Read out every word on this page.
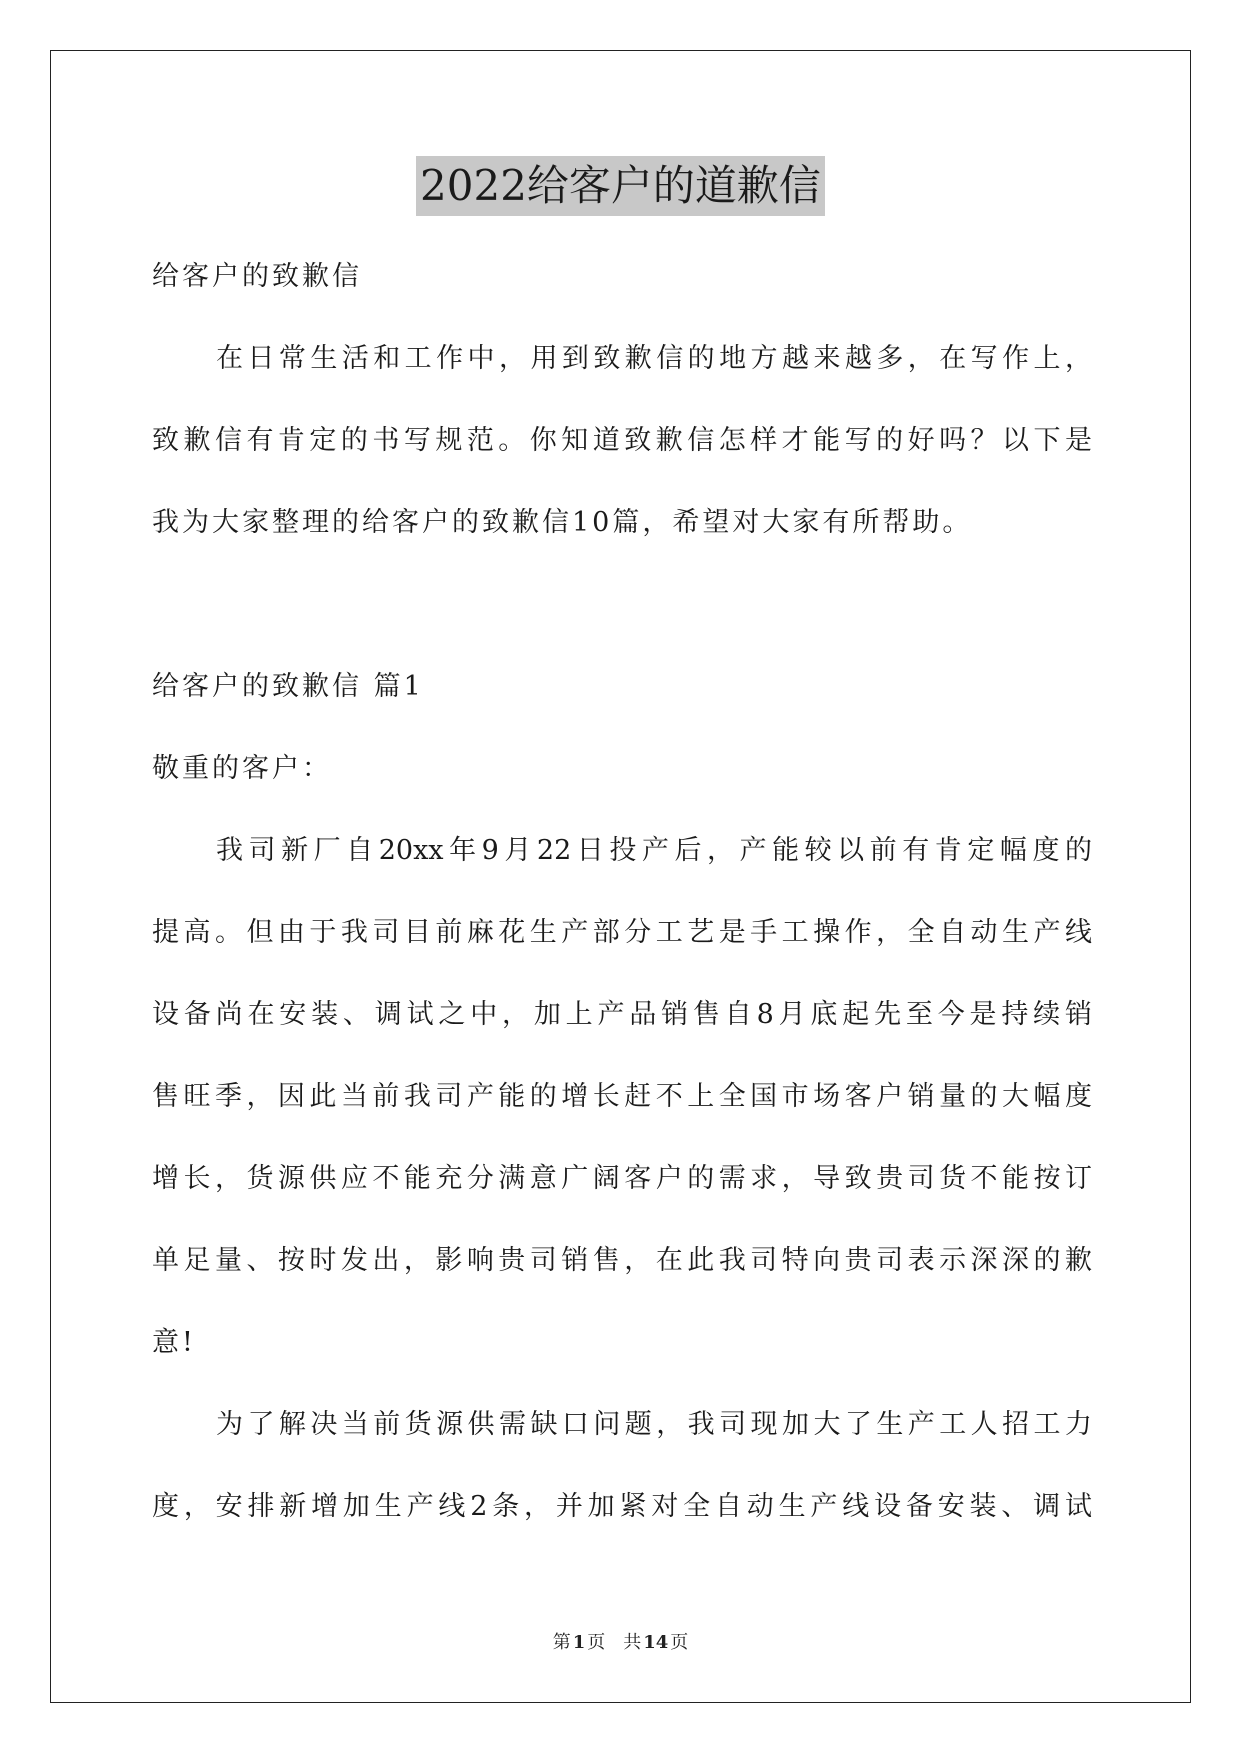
2022给客户的道歉信
给客户的致歉信
在日常生活和工作中，用到致歉信的地方越来越多，在写作上，
致歉信有肯定的书写规范。你知道致歉信怎样才能写的好吗？以下是
我为大家整理的给客户的致歉信10篇，希望对大家有所帮助。
给客户的致歉信 篇1
敬重的客户：
我司新厂自20xx年9月22日投产后，产能较以前有肯定幅度的
提高。但由于我司目前麻花生产部分工艺是手工操作，全自动生产线
设备尚在安装、调试之中，加上产品销售自8月底起先至今是持续销
售旺季，因此当前我司产能的增长赶不上全国市场客户销量的大幅度
增长，货源供应不能充分满意广阔客户的需求，导致贵司货不能按订
单足量、按时发出，影响贵司销售，在此我司特向贵司表示深深的歉
意!
为了解决当前货源供需缺口问题，我司现加大了生产工人招工力
度，安排新增加生产线2条，并加紧对全自动生产线设备安装、调试
第 1 页　共 14 页
